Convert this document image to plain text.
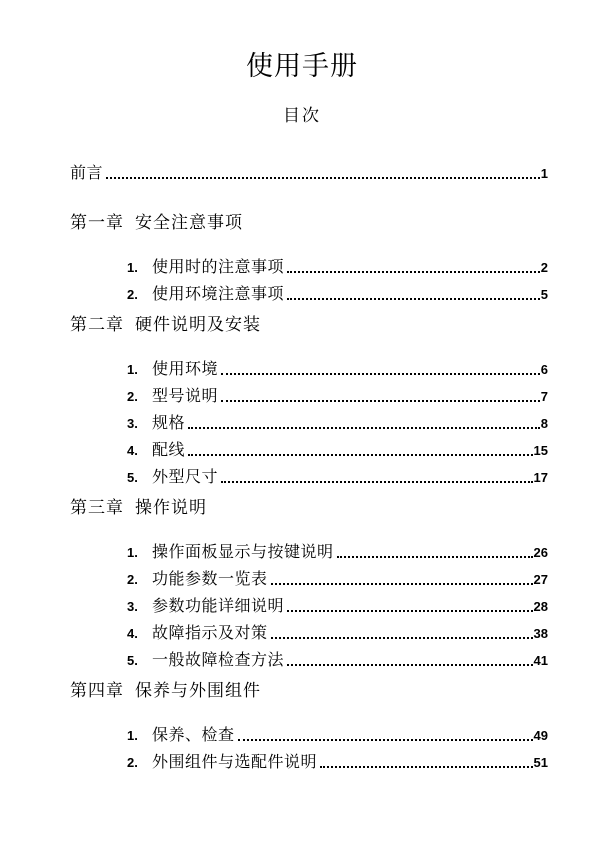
使用手册
目次
前言	1
第一章 安全注意事项
1. 使用时的注意事项	2
2. 使用环境注意事项	5
第二章 硬件说明及安装
1. 使用环境	6
2. 型号说明	7
3. 规格	8
4. 配线	15
5. 外型尺寸	17
第三章 操作说明
1. 操作面板显示与按键说明	26
2. 功能参数一览表	27
3. 参数功能详细说明	28
4. 故障指示及对策	38
5. 一般故障检查方法	41
第四章 保养与外围组件
1. 保养、检查	49
2. 外围组件与选配件说明	51
